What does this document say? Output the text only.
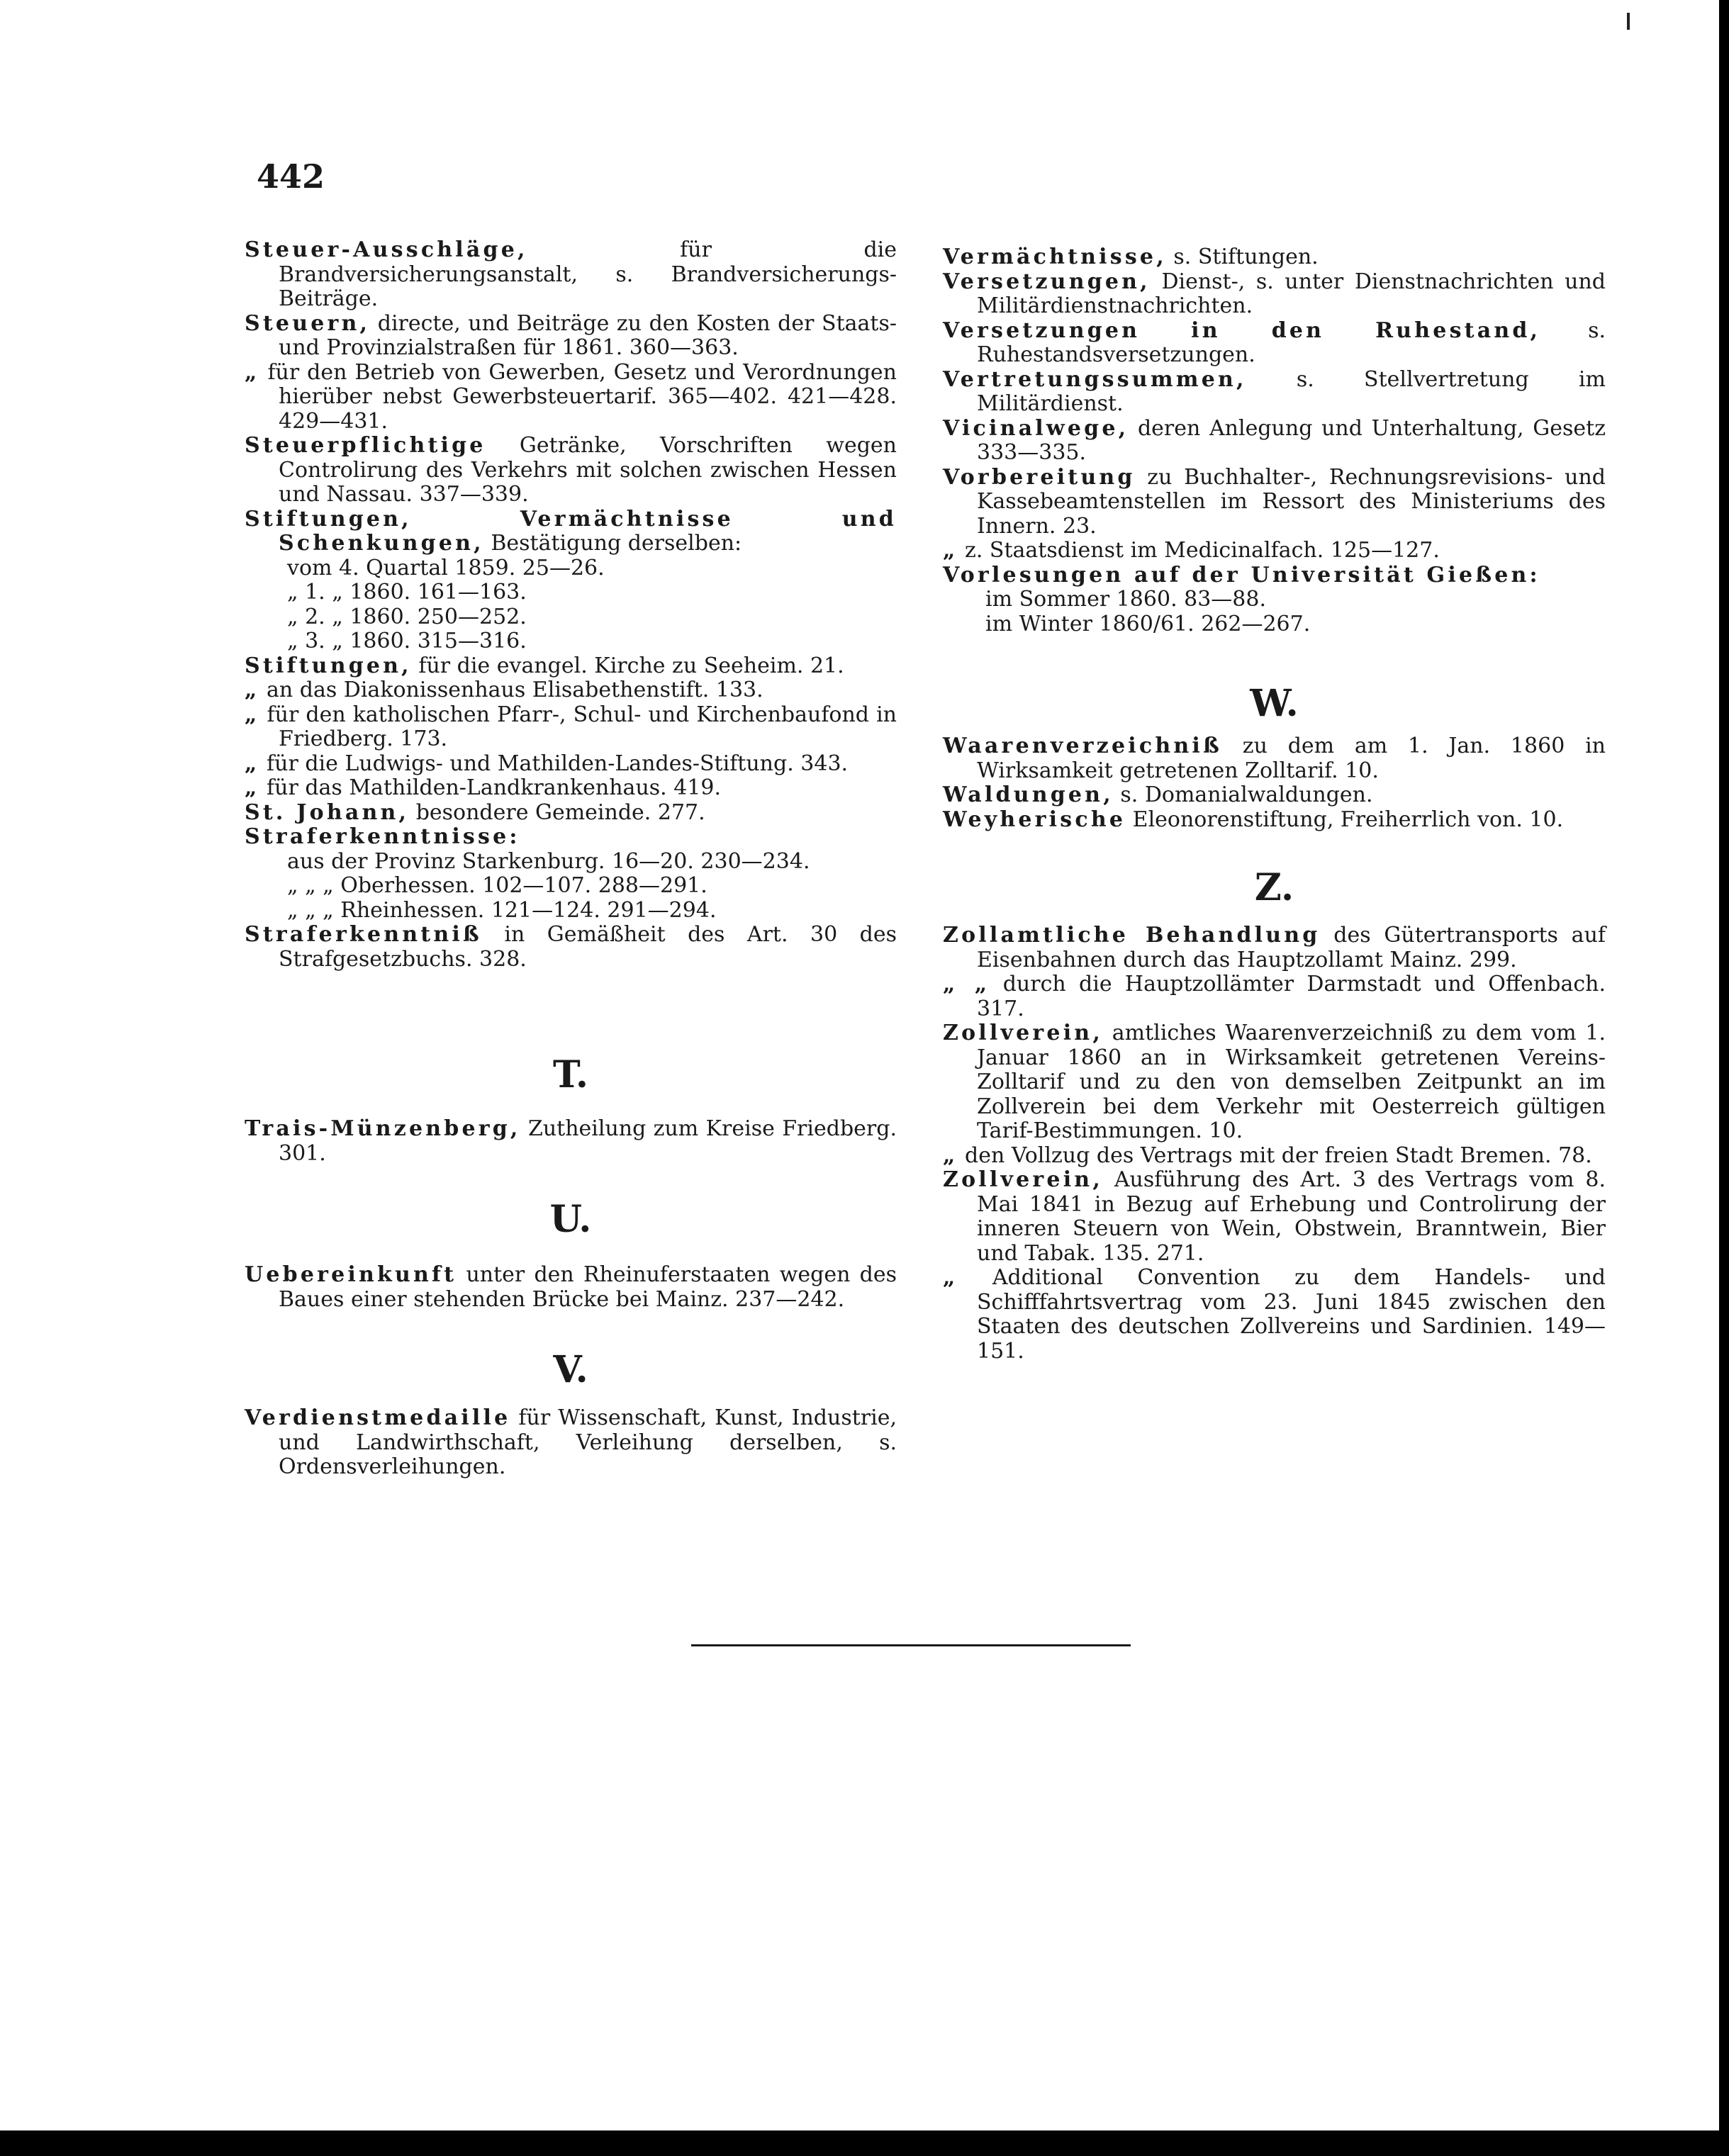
442

Steuer-Ausschläge,	für die Brandversicherungsanstalt, s. Brandversicherungs-Beiträge.

Steuern, directe, und Beiträge zu den Kosten der Staats- und Provinzialstraßen für 1861. 360—363.

„ für den Betrieb von Gewerben, Gesetz und Verordnungen hierüber nebst Gewerbsteuertarif. 365—402. 421—428. 429—431.

Steuerpflichtige Getränke, Vorschriften wegen Controlirung des Verkehrs mit solchen zwischen Hessen und Nassau. 337—339.

Stiftungen, Vermächtnisse und Schenkungen, Bestätigung derselben:

vom 4. Quartal 1859. 25—26.

„ 1. „ 1860. 161—163.

„ 2. „ 1860. 250—252.

„ 3. „ 1860. 315—316.

Stiftungen, für die evangel. Kirche zu Seeheim. 21.

„ an das Diakonissenhaus Elisabethenstift. 133.

„ für den katholischen Pfarr-, Schul- und Kirchenbaufond in Friedberg. 173.

„ für die Ludwigs- und Mathilden-Landes-Stiftung. 343.

„ für das Mathilden-Landkrankenhaus. 419.

St. Johann, besondere Gemeinde. 277.

Straferkenntnisse:

aus der Provinz Starkenburg. 16—20. 230—234.

„ „ „ Oberhessen. 102—107. 288—291.

„ „ „ Rheinhessen. 121—124. 291—294.

Straferkenntniß in Gemäßheit des Art. 30 des Strafgesetzbuchs. 328.

T.

Trais-Münzenberg, Zutheilung zum Kreise Friedberg. 301.

U.

Uebereinkunft unter den Rheinuferstaaten wegen des Baues einer stehenden Brücke bei Mainz. 237—242.

V.

Verdienstmedaille für Wissenschaft, Kunst, Industrie, und Landwirthschaft, Verleihung derselben, s. Ordensverleihungen.

Vermächtnisse, s. Stiftungen.

Versetzungen, Dienst-, s. unter Dienstnachrichten und Militärdienstnachrichten.

Versetzungen in den Ruhestand, s. Ruhestandsversetzungen.

Vertretungssummen, s. Stellvertretung im Militärdienst.

Vicinalwege, deren Anlegung und Unterhaltung, Gesetz 333—335.

Vorbereitung zu Buchhalter-, Rechnungsrevisions- und Kassebeamtenstellen im Ressort des Ministeriums des Innern. 23.

„ z. Staatsdienst im Medicinalfach. 125—127.

Vorlesungen auf der Universität Gießen:

im Sommer 1860. 83—88.

im Winter 1860/61. 262—267.

W.

Waarenverzeichniß zu dem am 1. Jan. 1860 in Wirksamkeit getretenen Zolltarif. 10.

Waldungen, s. Domanialwaldungen.

Weyherische Eleonorenstiftung, Freiherrlich von. 10.

Z.

Zollamtliche Behandlung des Gütertransports auf Eisenbahnen durch das Hauptzollamt Mainz. 299.

„ „ durch die Hauptzollämter Darmstadt und Offenbach. 317.

Zollverein, amtliches Waarenverzeichniß zu dem vom 1. Januar 1860 an in Wirksamkeit getretenen Vereins-Zolltarif und zu den von demselben Zeitpunkt an im Zollverein bei dem Verkehr mit Oesterreich gültigen Tarif-Bestimmungen. 10.

„ den Vollzug des Vertrags mit der freien Stadt Bremen. 78.

Zollverein, Ausführung des Art. 3 des Vertrags vom 8. Mai 1841 in Bezug auf Erhebung und Controlirung der inneren Steuern von Wein, Obstwein, Branntwein, Bier und Tabak. 135. 271.

„ Additional Convention zu dem Handels- und Schifffahrtsvertrag vom 23. Juni 1845 zwischen den Staaten des deutschen Zollvereins und Sardinien. 149—151.
